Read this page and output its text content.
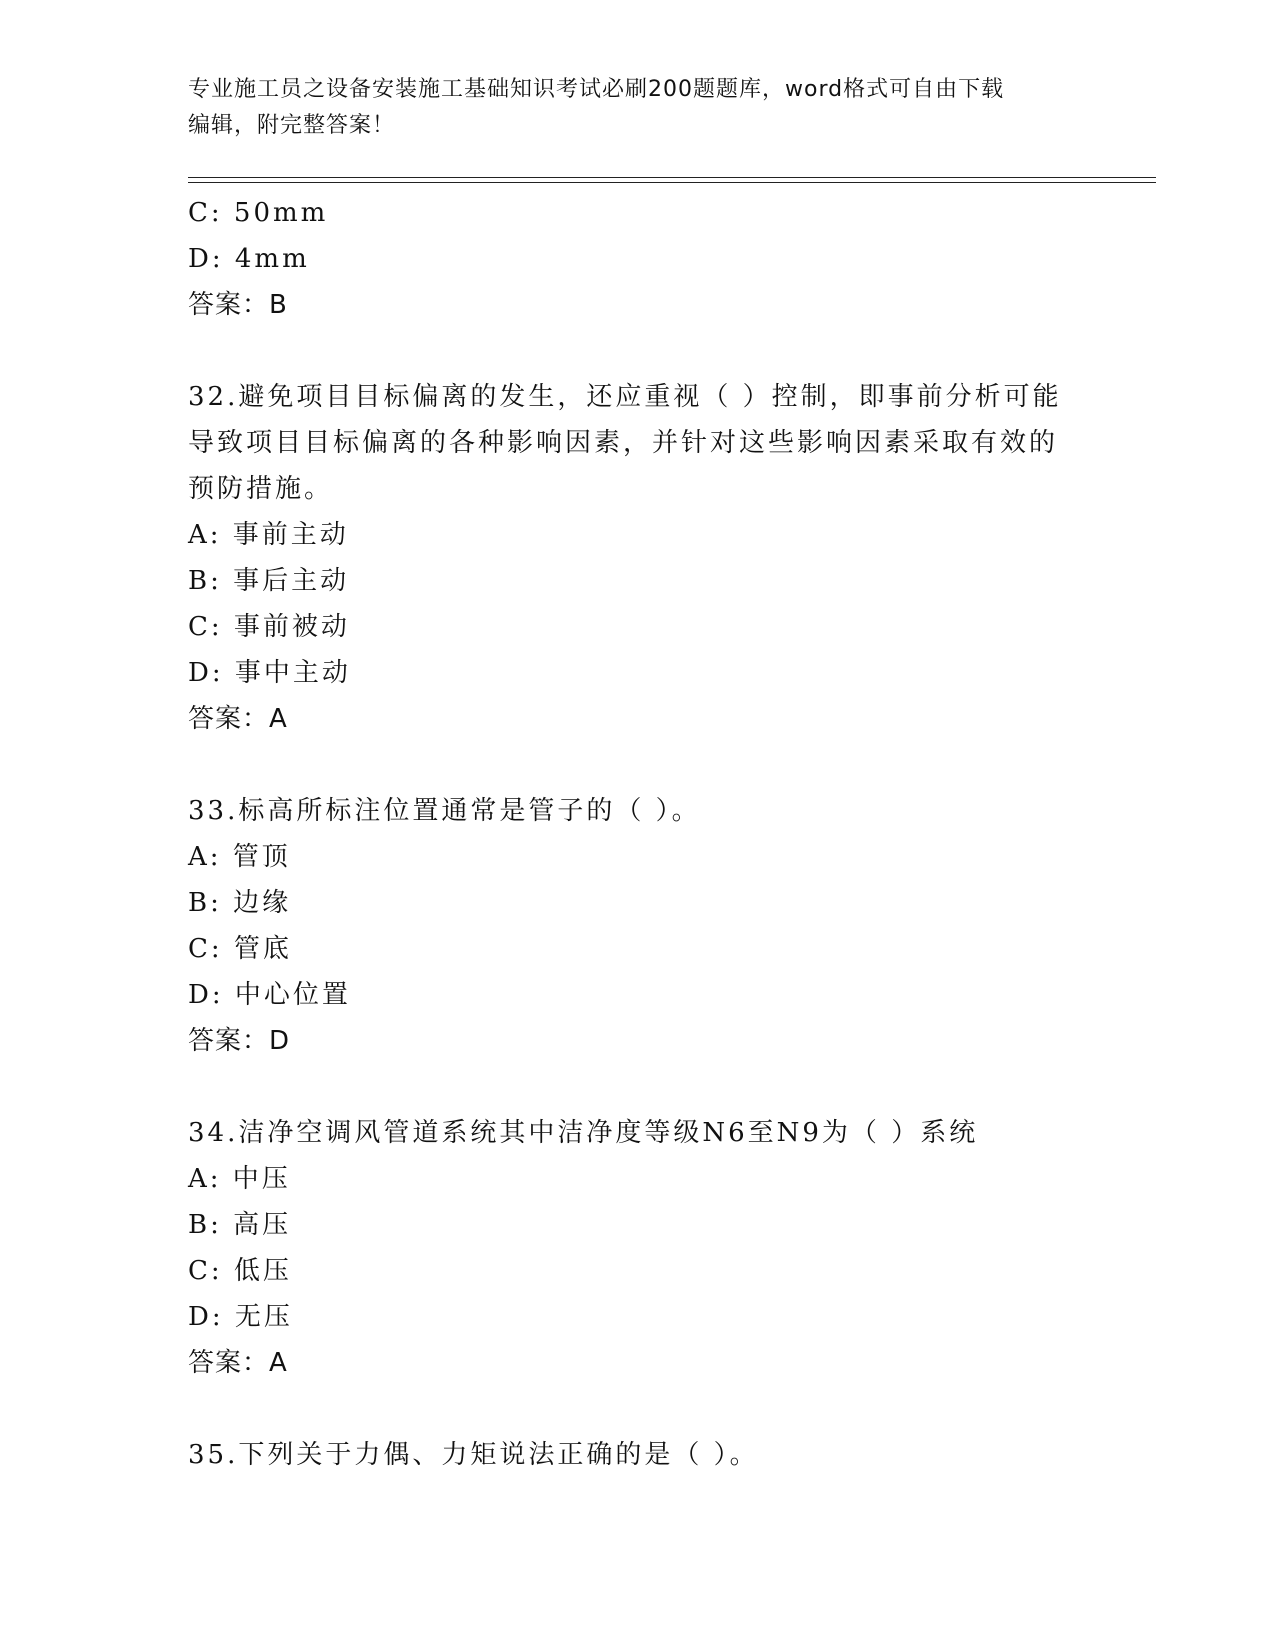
专业施工员之设备安装施工基础知识考试必刷200题题库，word格式可自由下载
编辑，附完整答案！
C: 50mm
D: 4mm
答案：B
32.避免项目目标偏离的发生，还应重视（ ）控制，即事前分析可能
导致项目目标偏离的各种影响因素，并针对这些影响因素采取有效的
预防措施。
A: 事前主动
B: 事后主动
C: 事前被动
D: 事中主动
答案：A
33.标高所标注位置通常是管子的（ ）。
A: 管顶
B: 边缘
C: 管底
D: 中心位置
答案：D
34.洁净空调风管道系统其中洁净度等级N6至N9为（ ）系统
A: 中压
B: 高压
C: 低压
D: 无压
答案：A
35.下列关于力偶、力矩说法正确的是（ ）。
